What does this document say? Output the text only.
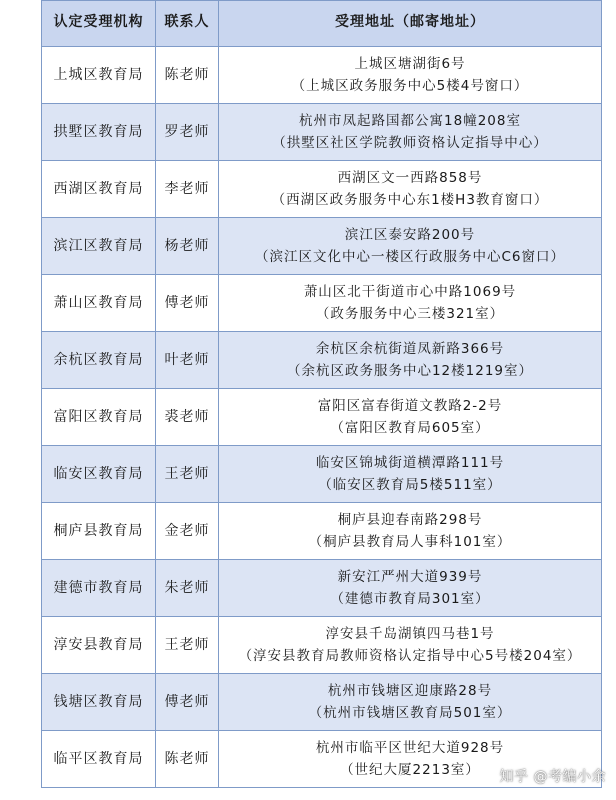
认定受理机构	联系人	受理地址（邮寄地址）
上城区教育局	陈老师	上城区塘湖街6号
（上城区政务服务中心5楼4号窗口）

拱墅区教育局	罗老师	杭州市凤起路国都公寓18幢208室
（拱墅区社区学院教师资格认定指导中心）

西湖区教育局	李老师	西湖区文一西路858号
（西湖区政务服务中心东1楼H3教育窗口）

滨江区教育局	杨老师	滨江区泰安路200号
（滨江区文化中心一楼区行政服务中心C6窗口）

萧山区教育局	傅老师	萧山区北干街道市心中路1069号
（政务服务中心三楼321室）

余杭区教育局	叶老师	余杭区余杭街道凤新路366号
（余杭区政务服务中心12楼1219室）

富阳区教育局	裘老师	富阳区富春街道文教路2-2号
（富阳区教育局605室）

临安区教育局	王老师	临安区锦城街道横潭路111号
（临安区教育局5楼511室）

桐庐县教育局	金老师	桐庐县迎春南路298号
（桐庐县教育局人事科101室）

建德市教育局	朱老师	新安江严州大道939号
（建德市教育局301室）

淳安县教育局	王老师	淳安县千岛湖镇四马巷1号
（淳安县教育局教师资格认定指导中心5号楼204室）

钱塘区教育局	傅老师	杭州市钱塘区迎康路28号
（杭州市钱塘区教育局501室）

临平区教育局	陈老师	杭州市临平区世纪大道928号
（世纪大厦2213室）	知乎 @考编小余
